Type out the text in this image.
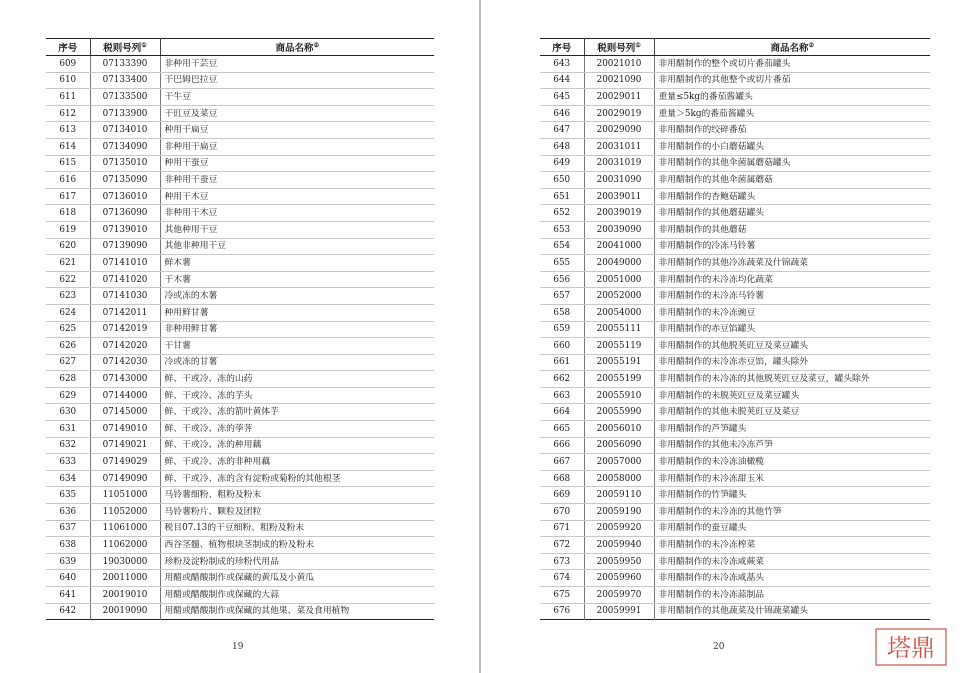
序号	税则号列①	商品名称②
609	07133390	非种用干芸豆
610	07133400	干巴姆巴拉豆
611	07133500	干牛豆
612	07133900	干豇豆及菜豆
613	07134010	种用干扁豆
614	07134090	非种用干扁豆
615	07135010	种用干蚕豆
616	07135090	非种用干蚕豆
617	07136010	种用干木豆
618	07136090	非种用干木豆
619	07139010	其他种用干豆
620	07139090	其他非种用干豆
621	07141010	鲜木薯
622	07141020	干木薯
623	07141030	冷或冻的木薯
624	07142011	种用鲜甘薯
625	07142019	非种用鲜甘薯
626	07142020	干甘薯
627	07142030	冷或冻的甘薯
628	07143000	鲜、干或冷、冻的山药
629	07144000	鲜、干或冷、冻的芋头
630	07145000	鲜、干或冷、冻的箭叶黄体芋
631	07149010	鲜、干或冷、冻的荸荠
632	07149021	鲜、干或冷、冻的种用藕
633	07149029	鲜、干或冷、冻的非种用藕
634	07149090	鲜、干或冷、冻的含有淀粉或菊粉的其他根茎
635	11051000	马铃薯细粉、粗粉及粉末
636	11052000	马铃薯粉片、颗粒及团粒
637	11061000	税目07.13的干豆细粉、粗粉及粉末
638	11062000	西谷茎髓、植物根块茎制成的粉及粉末
639	19030000	珍粉及淀粉制成的珍粉代用品
640	20011000	用醋或醋酸制作或保藏的黄瓜及小黄瓜
641	20019010	用醋或醋酸制作或保藏的大蒜
642	20019090	用醋或醋酸制作或保藏的其他果、菜及食用植物
19	20
序号	税则号列①	商品名称②
643	20021010	非用醋制作的整个或切片番茄罐头
644	20021090	非用醋制作的其他整个或切片番茄
645	20029011	重量≤5kg的番茄酱罐头
646	20029019	重量＞5kg的番茄酱罐头
647	20029090	非用醋制作的绞碎番茄
648	20031011	非用醋制作的小白蘑菇罐头
649	20031019	非用醋制作的其他伞菌属蘑菇罐头
650	20031090	非用醋制作的其他伞菌属蘑菇
651	20039011	非用醋制作的杏鲍菇罐头
652	20039019	非用醋制作的其他蘑菇罐头
653	20039090	非用醋制作的其他蘑菇
654	20041000	非用醋制作的冷冻马铃薯
655	20049000	非用醋制作的其他冷冻蔬菜及什锦蔬菜
656	20051000	非用醋制作的未冷冻均化蔬菜
657	20052000	非用醋制作的未冷冻马铃薯
658	20054000	非用醋制作的未冷冻豌豆
659	20055111	非用醋制作的赤豆馅罐头
660	20055119	非用醋制作的其他脱荚豇豆及菜豆罐头
661	20055191	非用醋制作的未冷冻赤豆馅，罐头除外
662	20055199	非用醋制作的未冷冻的其他脱荚豇豆及菜豆，罐头除外
663	20055910	非用醋制作的未脱荚豇豆及菜豆罐头
664	20055990	非用醋制作的其他未脱荚豇豆及菜豆
665	20056010	非用醋制作的芦笋罐头
666	20056090	非用醋制作的其他未冷冻芦笋
667	20057000	非用醋制作的未冷冻油橄榄
668	20058000	非用醋制作的未冷冻甜玉米
669	20059110	非用醋制作的竹笋罐头
670	20059190	非用醋制作的未冷冻的其他竹笋
671	20059920	非用醋制作的蚕豆罐头
672	20059940	非用醋制作的未冷冻榨菜
673	20059950	非用醋制作的未冷冻咸蕨菜
674	20059960	非用醋制作的未冷冻咸蕌头
675	20059970	非用醋制作的未冷冻蒜制品
676	20059991	非用醋制作的其他蔬菜及什锦蔬菜罐头
塔鼎
